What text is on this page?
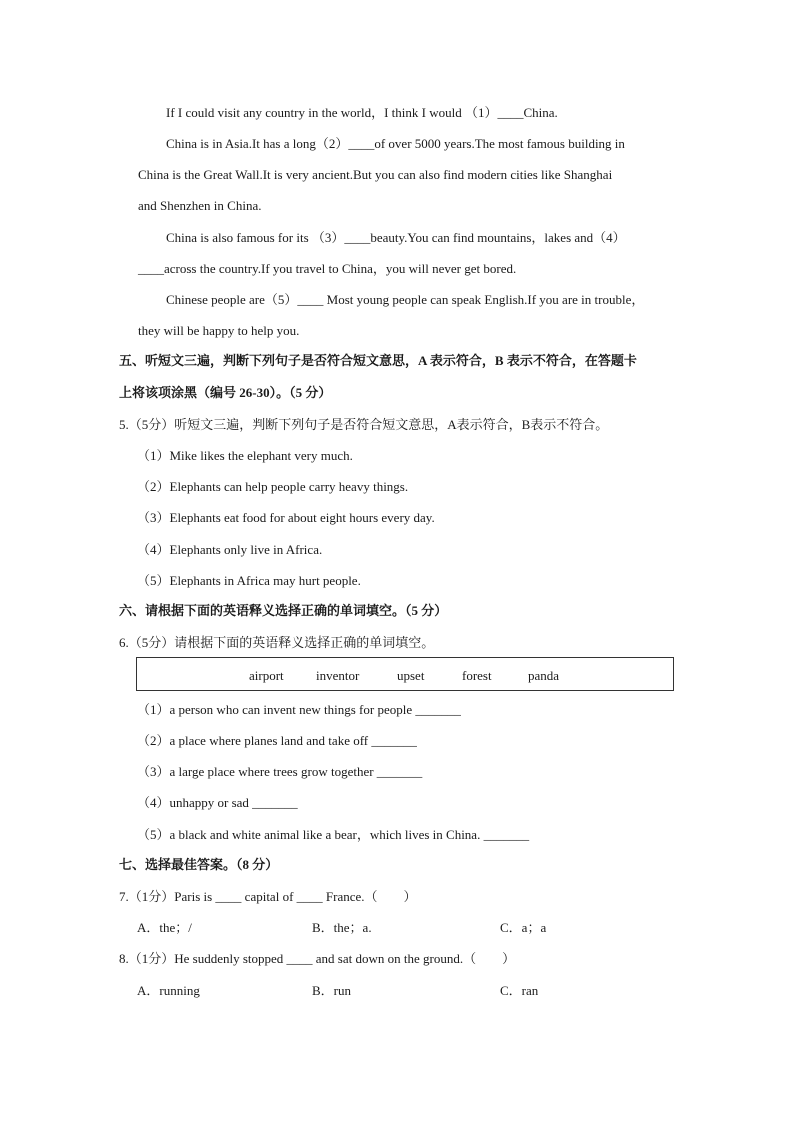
If I could visit any country in the world，I think I would （1）____China.
China is in Asia.It has a long（2）____of over 5000 years.The most famous building in
China is the Great Wall.It is very ancient.But you can also find modern cities like Shanghai
and Shenzhen in China.
China is also famous for its （3）____beauty.You can find mountains，lakes and（4）
____across the country.If you travel to China，you will never get bored.
Chinese people are（5）____ Most young people can speak English.If you are in trouble，
they will be happy to help you.
五、听短文三遍，判断下列句子是否符合短文意思，A 表示符合，B 表示不符合，在答题卡
上将该项涂黑（编号 26-30）。（5 分）
5.（5分）听短文三遍，判断下列句子是否符合短文意思，A表示符合，B表示不符合。
（1）Mike likes the elephant very much.
（2）Elephants can help people carry heavy things.
（3）Elephants eat food for about eight hours every day.
（4）Elephants only live in Africa.
（5）Elephants in Africa may hurt people.
六、请根据下面的英语释义选择正确的单词填空。（5 分）
6.（5分）请根据下面的英语释义选择正确的单词填空。
airport inventor	upset	forest	panda
（1）a person who can invent new things for people _______
（2）a place where planes land and take off _______
（3）a large place where trees grow together _______
（4）unhappy or sad _______
（5）a black and white animal like a bear，which lives in China. _______
七、选择最佳答案。（8 分）
7.（1分）Paris is ____ capital of ____ France.（　　）
A．the；/	B．the；a.	C．a；a
8.（1分）He suddenly stopped ____ and sat down on the ground.（　　）
A．running	B．run	C．ran
